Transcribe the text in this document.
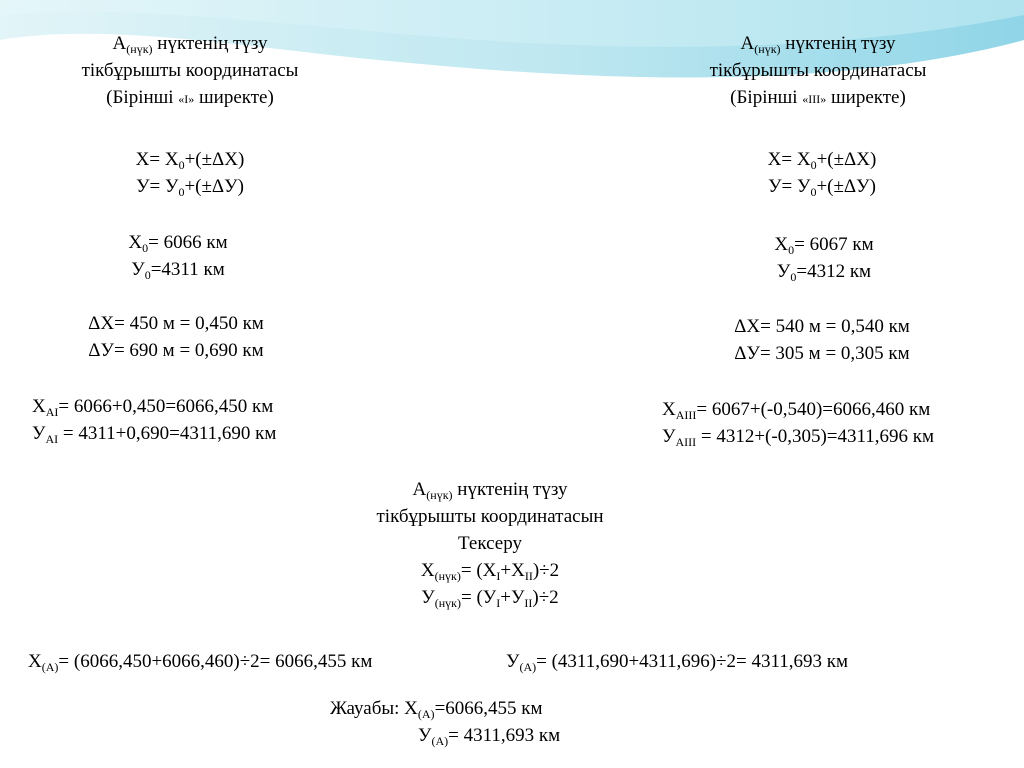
$А_{(нүк)}$ нүктенің түзу
тікбұрышты координатасы
(Бірінші «І» ширекте)
$Х= Х_0+(\pm\Delta Х)$
$У= У_0+(\pm\Delta У)$
$Х_0= 6066$ км
$У_0=4311$ км
ΔХ= 450 м = 0,450 км
ΔУ= 690 м = 0,690 км
$Х_{АІ}= 6066+0,450=6066,450$ км
$У_{АІ} = 4311+0,690=4311,690$ км
$А_{(нүк)}$ нүктенің түзу
тікбұрышты координатасы
(Бірінші «ІІІ» ширекте)
$Х= Х_0+(\pm\Delta Х)$
$У= У_0+(\pm\Delta У)$
$Х_0= 6067$ км
$У_0=4312$ км
ΔХ= 540 м = 0,540 км
ΔУ= 305 м = 0,305 км
$Х_{АІІІ}= 6067+(-0,540)=6066,460$ км
$У_{АІІІ} = 4312+(-0,305)=4311,696$ км
$А_{(нүк)}$ нүктенің түзу
тікбұрышты координатасын
Тексеру
$Х_{(нүк)}= (Х_І+Х_{ІІ})\div 2$
$У_{(нүк)}= (У_І+У_{ІІ})\div 2$
$Х_{(А)}= (6066,450+6066,460)\div 2= 6066,455$ км	$У_{(А)}= (4311,690+4311,696)\div 2= 4311,693$ км
Жауабы: $Х_{(А)}=6066,455$ км
$У_{(А)}= 4311,693$ км
